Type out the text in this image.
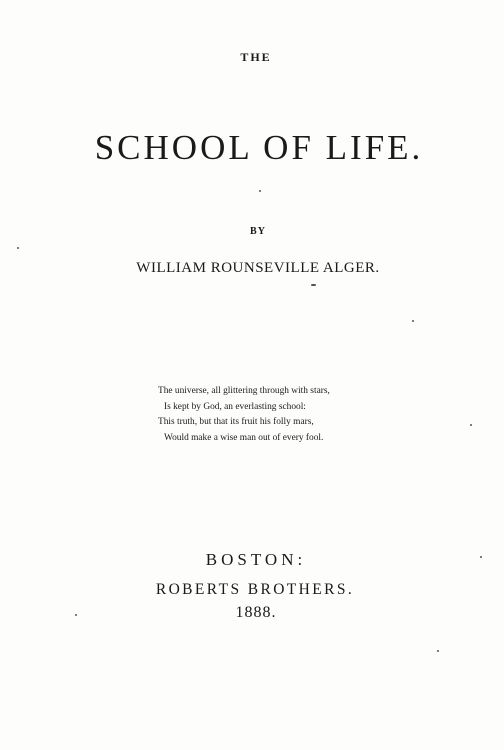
THE
SCHOOL OF LIFE.
BY
WILLIAM ROUNSEVILLE ALGER.
The universe, all glittering through with stars,
Is kept by God, an everlasting school:
This truth, but that its fruit his folly mars,
Would make a wise man out of every fool.
BOSTON:
ROBERTS BROTHERS.
1888.
